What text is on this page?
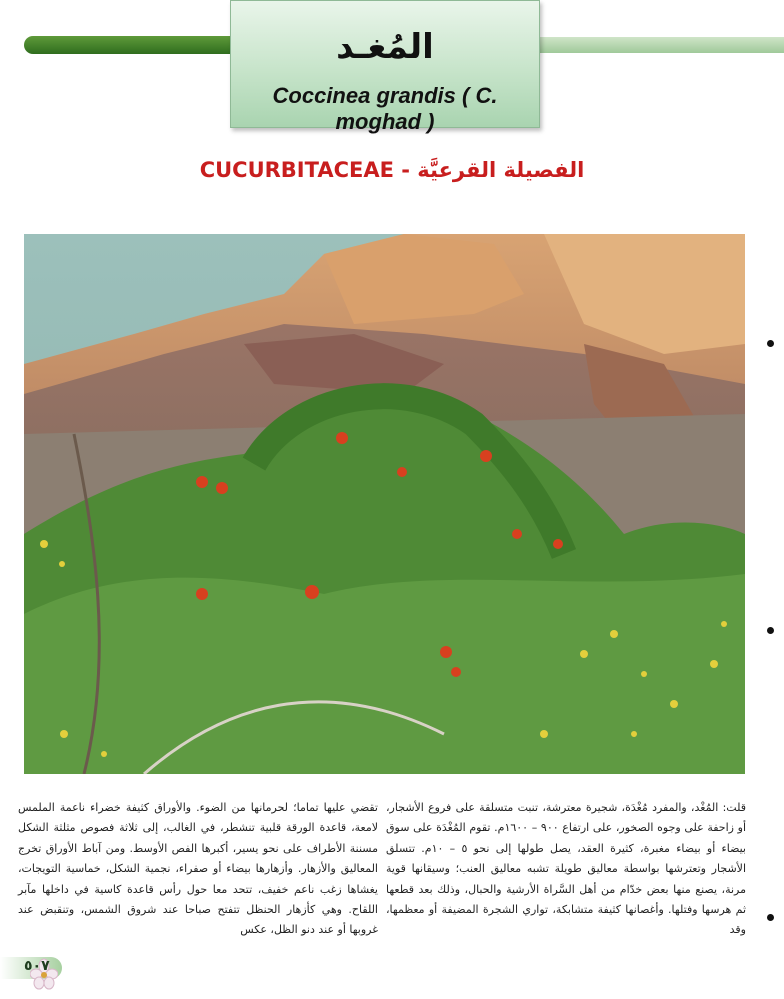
المُغـد
Coccinea grandis ( C. moghad )
CUCURBITACEAE - الفصيلة القرعيَّة

قلت: المُغْد، والمفرد مُغْدَة، شجيرة معترشة، تنبت متسلقة على فروع الأشجار، أو زاحفة على وجوه الصخور، على ارتفاع ٩٠٠ – ١٦٠٠م. تقوم المُغْدَة على سوق بيضاء أو بيضاء مغبرة، كثيرة العقد، يصل طولها إلى نحو ٥ – ١٠م. تتسلق الأشجار وتعترشها بواسطة معاليق طويلة تشبه معاليق العنب؛ وسيقانها قوية مرنة، يصنع منها بعض خدّام من أهل السَّراة الأرشية والحبال، وذلك بعد قطعها ثم هرسها وفتلها. وأغصانها كثيفة متشابكة، تواري الشجرة المضيفة أو معظمها، وقد

تقضي عليها تماما؛ لحرمانها من الضوء. والأوراق كثيفة خضراء ناعمة الملمس لامعة، قاعدة الورقة قلبية تنشطر، في الغالب، إلى ثلاثة فصوص مثلثة الشكل مسننة الأطراف على نحو يسير، أكبرها الفص الأوسط. ومن آباط الأوراق تخرج المعاليق والأزهار. وأزهارها بيضاء أو صفراء، نجمية الشكل، خماسية التويجات، يغشاها زغب ناعم خفيف، تتحد معا حول رأس قاعدة كاسية في داخلها مآبر اللقاح. وهي كأزهار الحنظل تتفتح صباحا عند شروق الشمس، وتنقبض عند غروبها أو عند دنو الظل، عكس

٥٠٧
